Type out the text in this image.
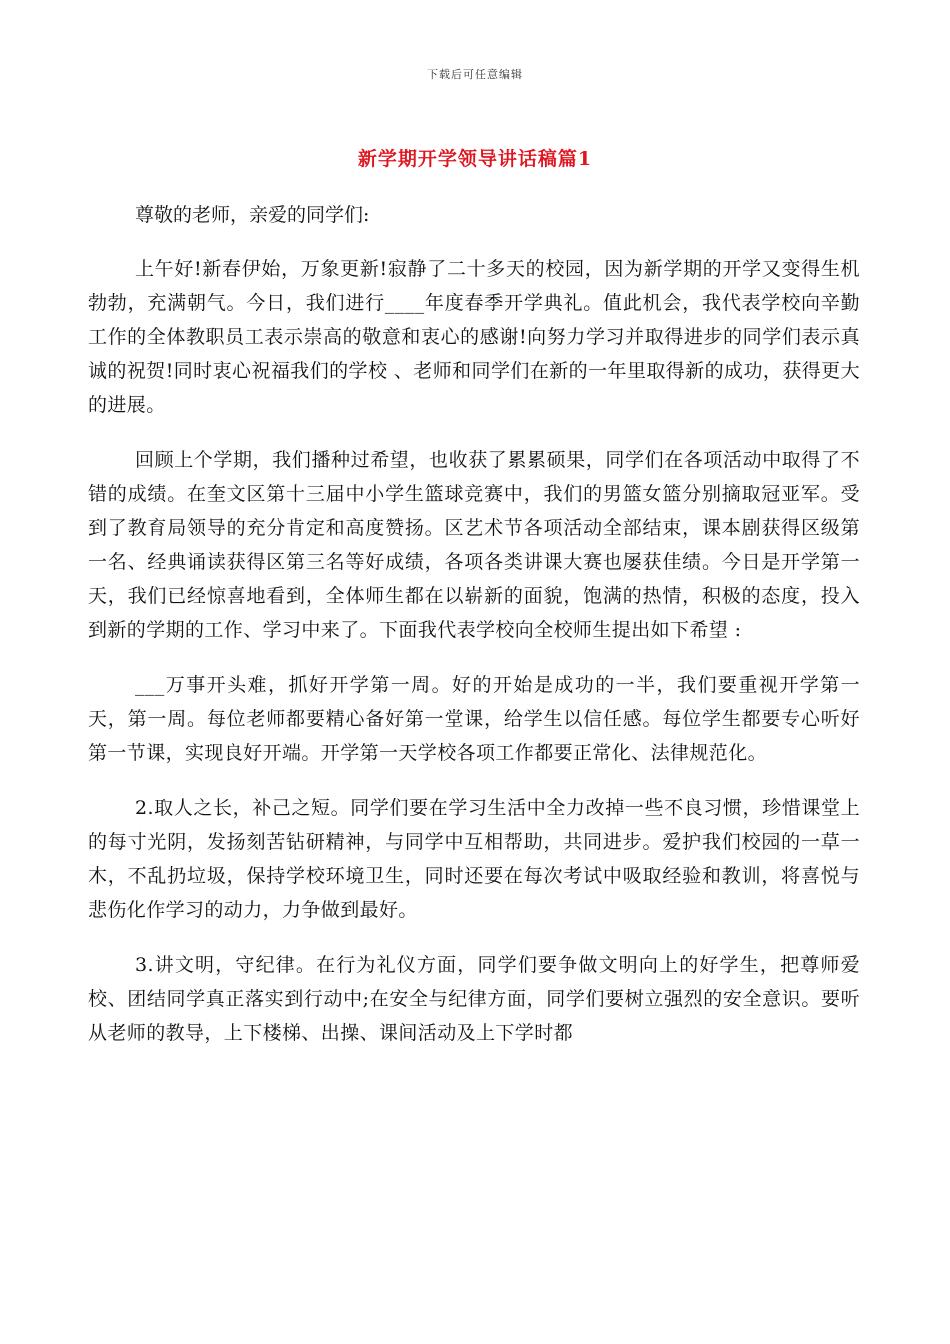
下载后可任意编辑
新学期开学领导讲话稿篇1

尊敬的老师，亲爱的同学们:

上午好!新春伊始，万象更新!寂静了二十多天的校园，因为新学期的开学又变得生机勃勃，充满朝气。今日，我们进行____年度春季开学典礼。值此机会，我代表学校向辛勤工作的全体教职员工表示崇高的敬意和衷心的感谢!向努力学习并取得进步的同学们表示真诚的祝贺!同时衷心祝福我们的学校 、老师和同学们在新的一年里取得新的成功，获得更大的进展。

回顾上个学期，我们播种过希望，也收获了累累硕果，同学们在各项活动中取得了不错的成绩。在奎文区第十三届中小学生篮球竞赛中，我们的男篮女篮分别摘取冠亚军。受到了教育局领导的充分肯定和高度赞扬。区艺术节各项活动全部结束，课本剧获得区级第一名、经典诵读获得区第三名等好成绩，各项各类讲课大赛也屡获佳绩。今日是开学第一天，我们已经惊喜地看到，全体师生都在以崭新的面貌，饱满的热情，积极的态度，投入到新的学期的工作、学习中来了。下面我代表学校向全校师生提出如下希望 :

___万事开头难，抓好开学第一周。好的开始是成功的一半，我们要重视开学第一天，第一周。每位老师都要精心备好第一堂课，给学生以信任感。每位学生都要专心听好第一节课，实现良好开端。开学第一天学校各项工作都要正常化、法律规范化。

2.取人之长，补己之短。同学们要在学习生活中全力改掉一些不良习惯，珍惜课堂上的每寸光阴，发扬刻苦钻研精神，与同学中互相帮助，共同进步。爱护我们校园的一草一木，不乱扔垃圾，保持学校环境卫生，同时还要在每次考试中吸取经验和教训，将喜悦与悲伤化作学习的动力，力争做到最好。

3.讲文明，守纪律。在行为礼仪方面，同学们要争做文明向上的好学生，把尊师爱校、团结同学真正落实到行动中;在安全与纪律方面，同学们要树立强烈的安全意识。要听从老师的教导，上下楼梯、出操、课间活动及上下学时都
